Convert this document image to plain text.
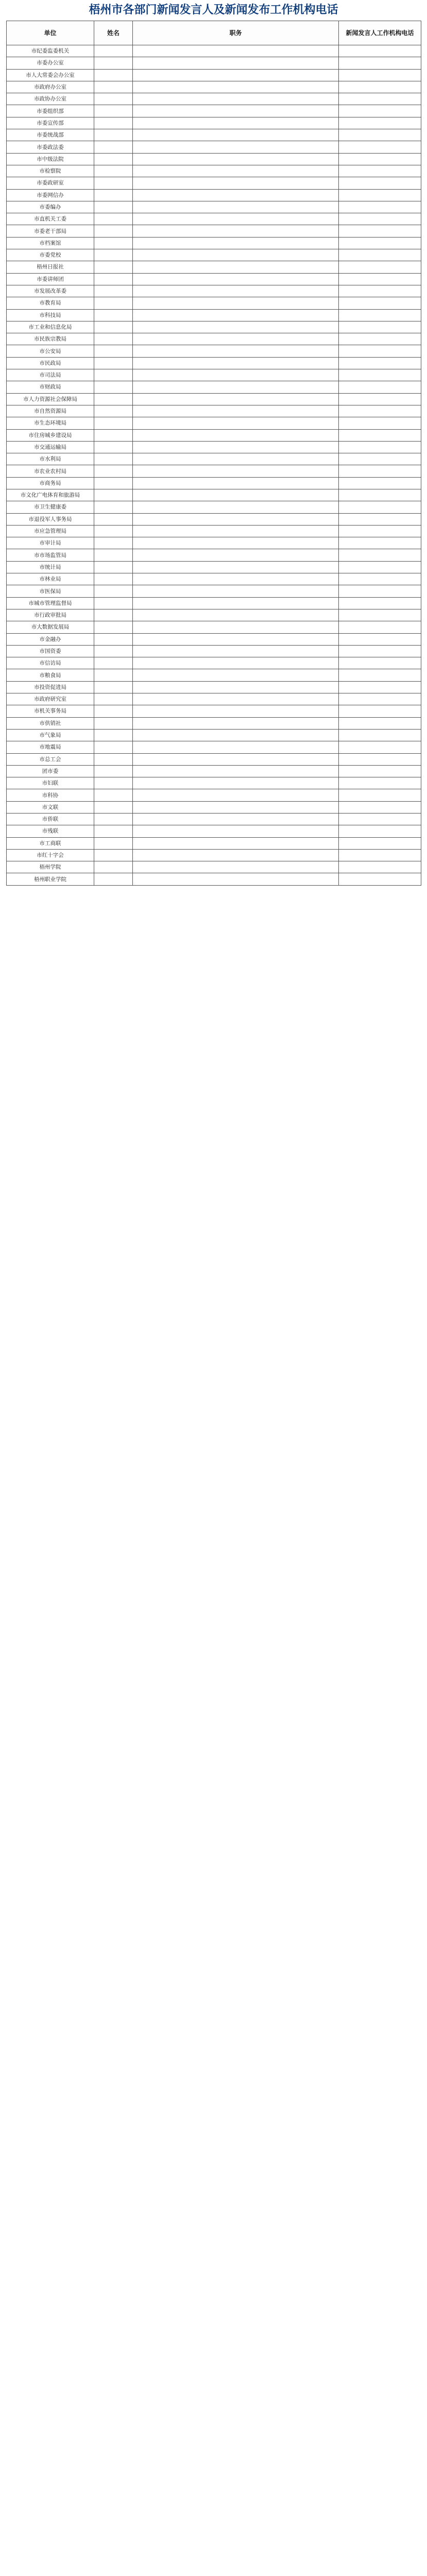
梧州市各部门新闻发言人及新闻发布工作机构电话
单位	姓名	职务	新闻发言人工作机构电话
市纪委监委机关			
市委办公室			
市人大常委会办公室			
市政府办公室			
市政协办公室			
市委组织部			
市委宣传部			
市委统战部			
市委政法委			
市中级法院			
市检察院			
市委政研室			
市委网信办			
市委编办			
市直机关工委			
市委老干部局			
市档案馆			
市委党校			
梧州日报社			
市委讲师团			
市发展改革委			
市教育局			
市科技局			
市工业和信息化局			
市民族宗教局			
市公安局			
市民政局			
市司法局			
市财政局			
市人力资源社会保障局			
市自然资源局			
市生态环境局			
市住房城乡建设局			
市交通运输局			
市水利局			
市农业农村局			
市商务局			
市文化广电体育和旅游局			
市卫生健康委			
市退役军人事务局			
市应急管理局			
市审计局			
市市场监管局			
市统计局			
市林业局			
市医保局			
市城市管理监督局			
市行政审批局			
市大数据发展局			
市金融办			
市国资委			
市信访局			
市粮食局			
市投资促进局			
市政府研究室			
市机关事务局			
市供销社			
市气象局			
市地震局			
市总工会			
团市委			
市妇联			
市科协			
市文联			
市侨联			
市残联			
市工商联			
市红十字会			
梧州学院			
梧州职业学院			
